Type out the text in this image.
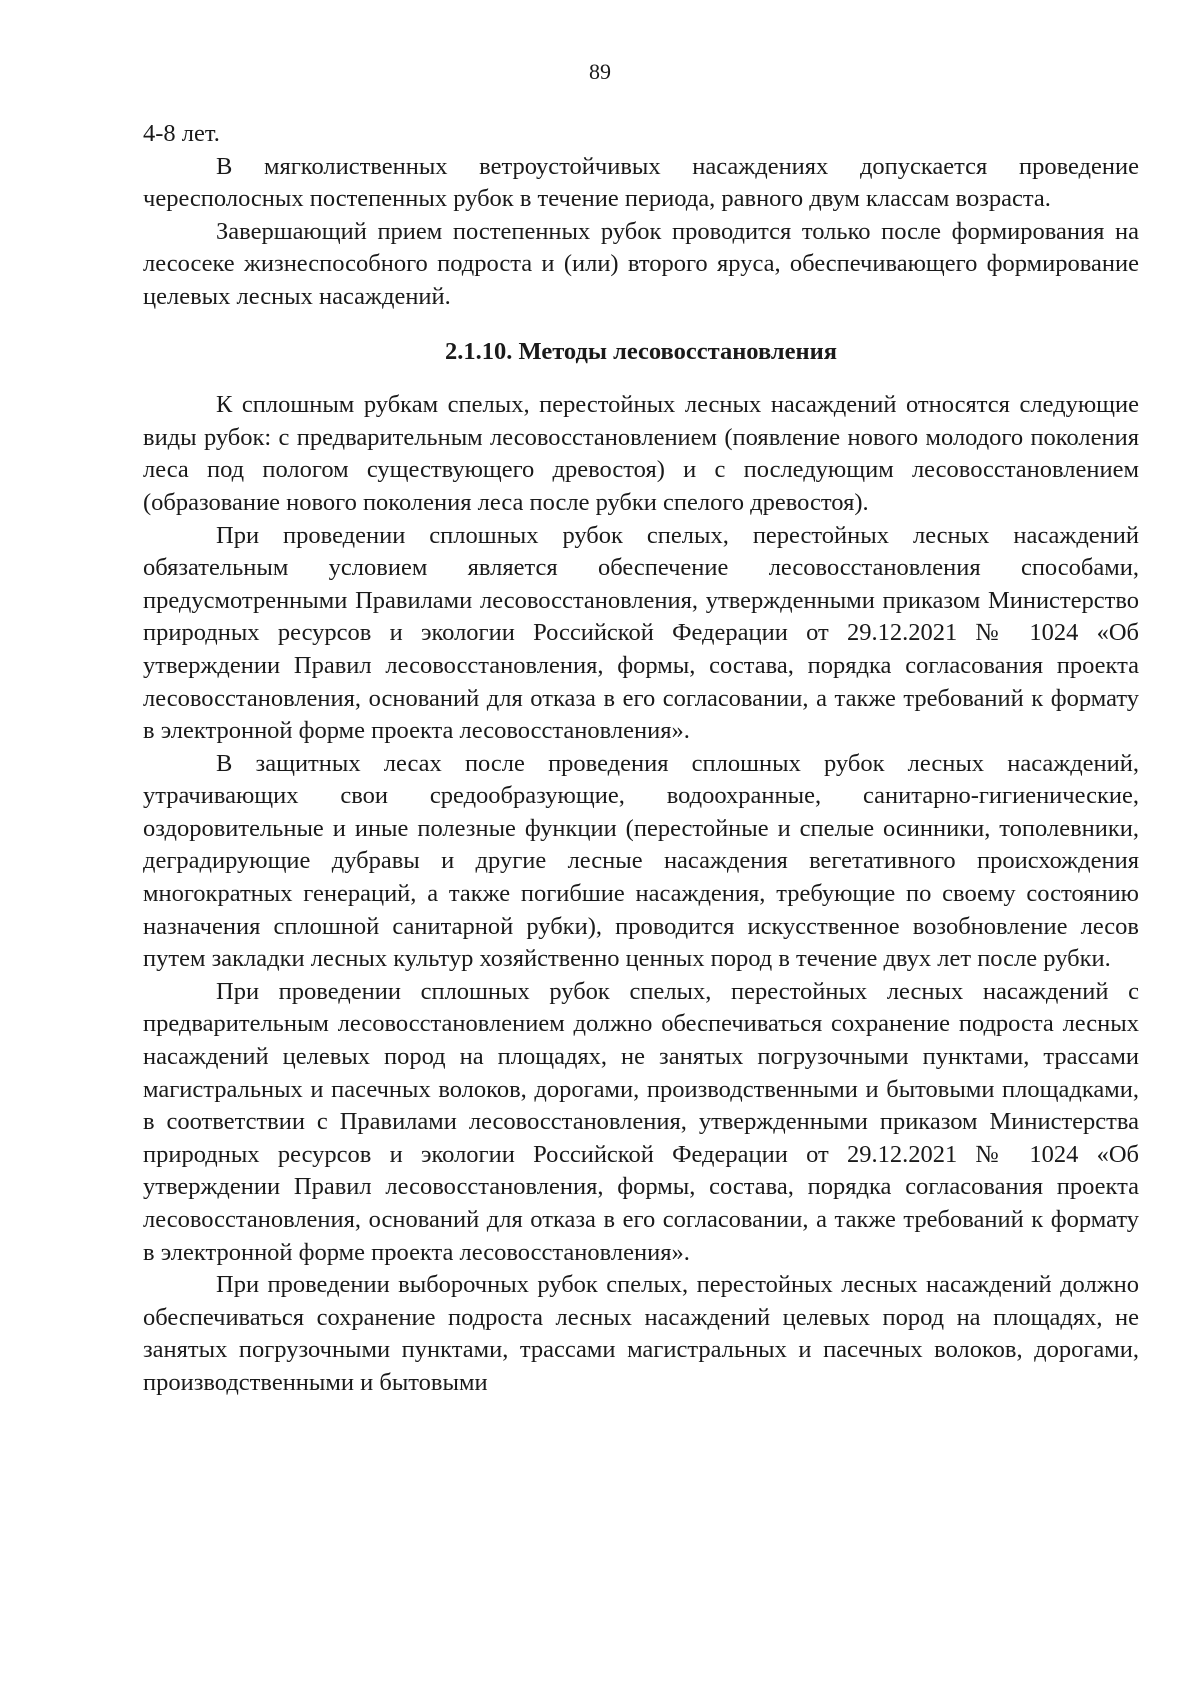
89

4-8 лет.

В мягколиственных ветроустойчивых насаждениях допускается проведение чересполосных постепенных рубок в течение периода, равного двум классам возраста.

Завершающий прием постепенных рубок проводится только после формирования на лесосеке жизнеспособного подроста и (или) второго яруса, обеспечивающего формирование целевых лесных насаждений.

2.1.10. Методы лесовосстановления

К сплошным рубкам спелых, перестойных лесных насаждений относятся следующие виды рубок: с предварительным лесовосстановлением (появление нового молодого поколения леса под пологом существующего древостоя) и с последующим лесовосстановлением (образование нового поколения леса после рубки спелого древостоя).

При проведении сплошных рубок спелых, перестойных лесных насаждений обязательным условием является обеспечение лесовосстановления способами, предусмотренными Правилами лесовосстановления, утвержденными приказом Министерство природных ресурсов и экологии Российской Федерации от 29.12.2021 № 1024 «Об утверждении Правил лесовосстановления, формы, состава, порядка согласования проекта лесовосстановления, оснований для отказа в его согласовании, а также требований к формату в электронной форме проекта лесовосстановления».

В защитных лесах после проведения сплошных рубок лесных насаждений, утрачивающих свои средообразующие, водоохранные, санитарно-гигиенические, оздоровительные и иные полезные функции (перестойные и спелые осинники, тополевники, деградирующие дубравы и другие лесные насаждения вегетативного происхождения многократных генераций, а также погибшие насаждения, требующие по своему состоянию назначения сплошной санитарной рубки), проводится искусственное возобновление лесов путем закладки лесных культур хозяйственно ценных пород в течение двух лет после рубки.

При проведении сплошных рубок спелых, перестойных лесных насаждений с предварительным лесовосстановлением должно обеспечиваться сохранение подроста лесных насаждений целевых пород на площадях, не занятых погрузочными пунктами, трассами магистральных и пасечных волоков, дорогами, производственными и бытовыми площадками, в соответствии с Правилами лесовосстановления, утвержденными приказом Министерства природных ресурсов и экологии Российской Федерации от 29.12.2021 № 1024 «Об утверждении Правил лесовосстановления, формы, состава, порядка согласования проекта лесовосстановления, оснований для отказа в его согласовании, а также требований к формату в электронной форме проекта лесовосстановления».

При проведении выборочных рубок спелых, перестойных лесных насаждений должно обеспечиваться сохранение подроста лесных насаждений целевых пород на площадях, не занятых погрузочными пунктами, трассами магистральных и пасечных волоков, дорогами, производственными и бытовыми
